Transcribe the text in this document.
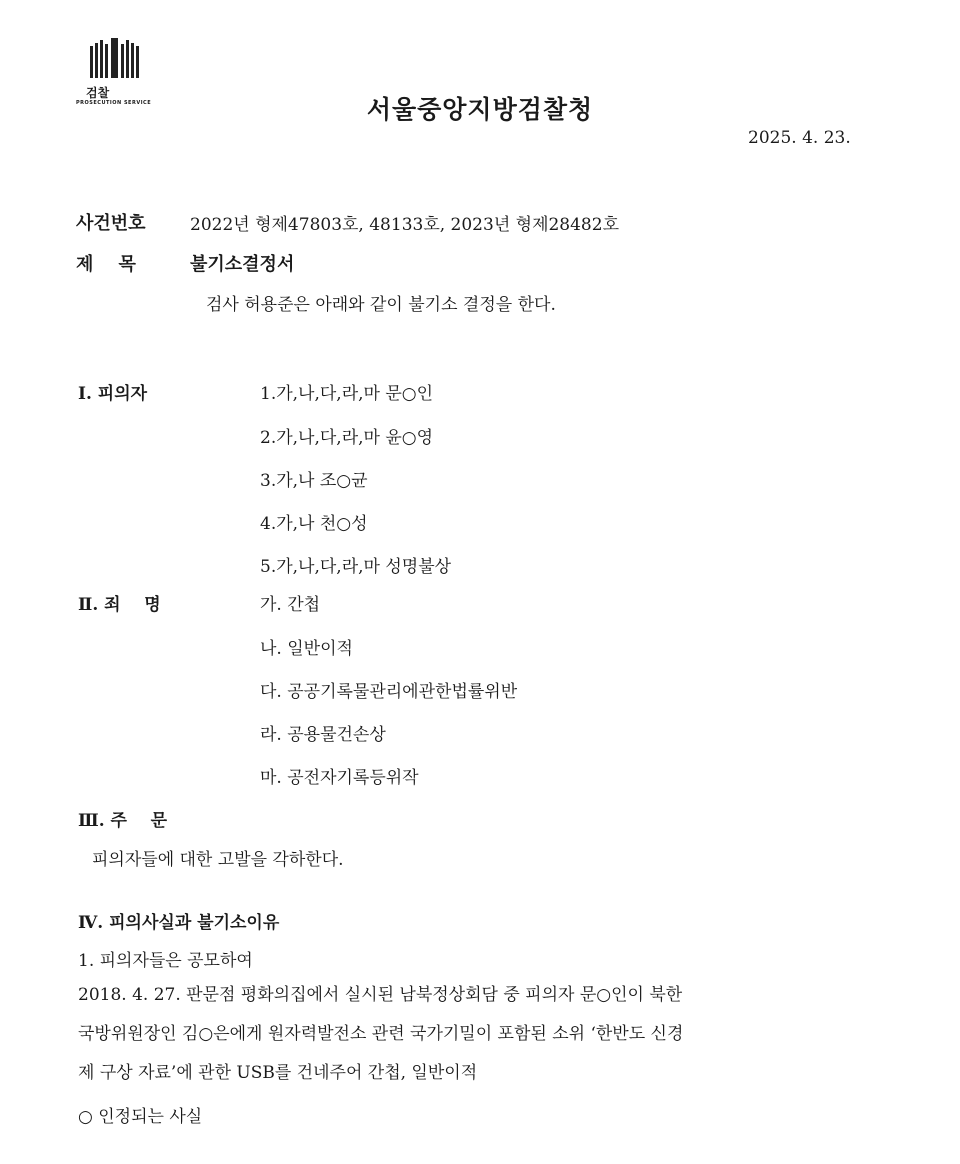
검찰
PROSECUTION SERVICE	서울중앙지방검찰청
2025. 4. 23.
사건번호	2022년 형제47803호, 48133호, 2023년 형제28482호
제    목	불기소결정서
검사 허용준은 아래와 같이 불기소 결정을 한다.
Ⅰ. 피의자	1.가,나,다,라,마 문○인
2.가,나,다,라,마 윤○영
3.가,나 조○균
4.가,나 천○성
5.가,나,다,라,마 성명불상
Ⅱ. 죄    명	가. 간첩
나. 일반이적
다. 공공기록물관리에관한법률위반
라. 공용물건손상
마. 공전자기록등위작
Ⅲ. 주    문
피의자들에 대한 고발을 각하한다.
Ⅳ. 피의사실과 불기소이유
1. 피의자들은 공모하여
2018. 4. 27. 판문점 평화의집에서 실시된 남북정상회담 중 피의자 문○인이 북한
국방위원장인 김○은에게 원자력발전소 관련 국가기밀이 포함된 소위 ‘한반도 신경
제 구상 자료’에 관한 USB를 건네주어 간첩, 일반이적
○ 인정되는 사실
